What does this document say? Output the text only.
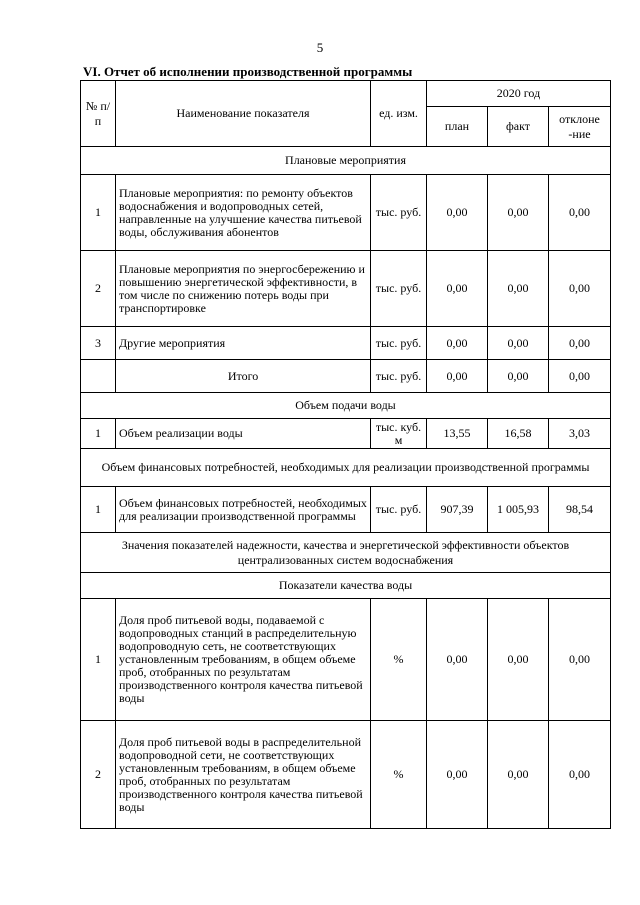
5
VI. Отчет об исполнении производственной программы
№ п/п	Наименование показателя	ед. изм.	2020 год		
			план	факт	отклоне -ние
Плановые мероприятия					
1	Плановые мероприятия: по ремонту объектов водоснабжения и водопроводных сетей, направленные на улучшение качества питьевой воды, обслуживания абонентов	тыс. руб.	0,00	0,00	0,00
2	Плановые мероприятия по энергосбережению и повышению энергетической эффективности, в том числе по снижению потерь воды при транспортировке	тыс. руб.	0,00	0,00	0,00
3	Другие мероприятия	тыс. руб.	0,00	0,00	0,00
	Итого	тыс. руб.	0,00	0,00	0,00
Объем подачи воды					
1	Объем реализации воды	тыс. куб. м	13,55	16,58	3,03
Объем финансовых потребностей, необходимых для реализации производственной программы					
1	Объем финансовых потребностей, необходимых для реализации производственной программы	тыс. руб.	907,39	1 005,93	98,54
Значения показателей надежности, качества и энергетической эффективности объектов централизованных систем водоснабжения					
Показатели качества воды					
1	Доля проб питьевой воды, подаваемой с водопроводных станций в распределительную водопроводную сеть, не соответствующих установленным требованиям, в общем объеме проб, отобранных по результатам производственного контроля качества питьевой воды	%	0,00	0,00	0,00
2	Доля проб питьевой воды в распределительной водопроводной сети, не соответствующих установленным требованиям, в общем объеме проб, отобранных по результатам производственного контроля качества питьевой воды	%	0,00	0,00	0,00
